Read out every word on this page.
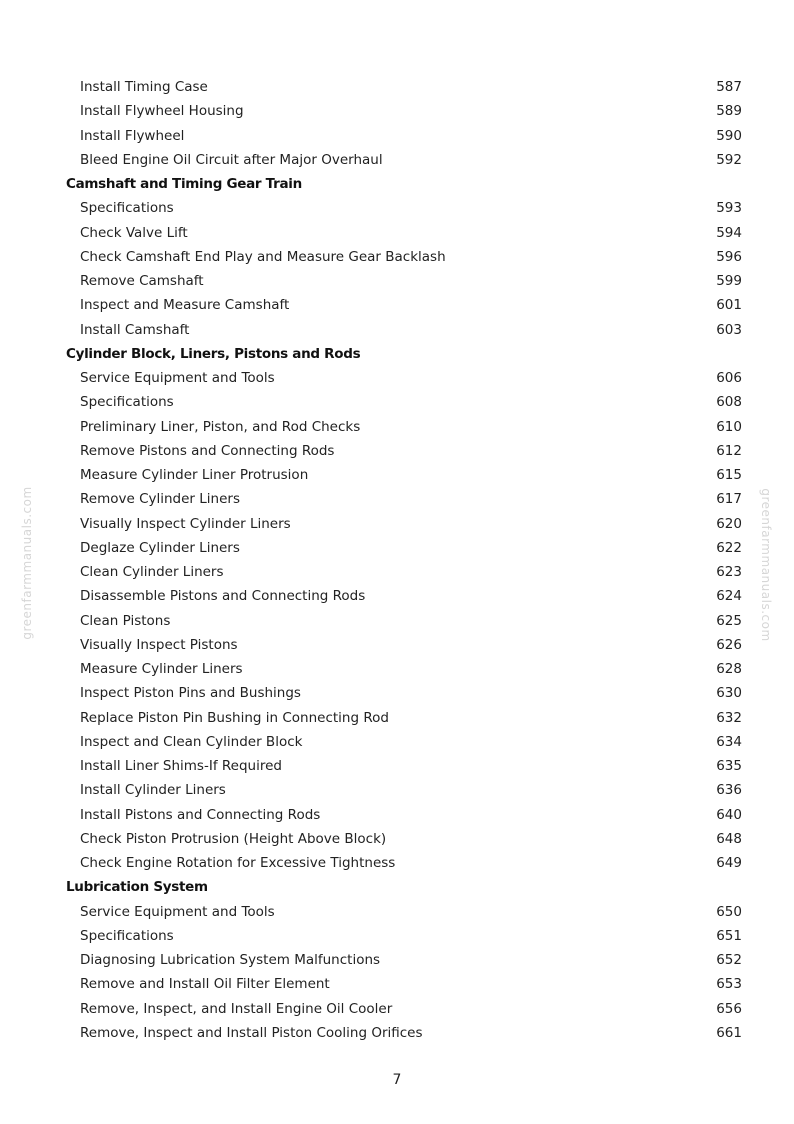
greenfarmmanuals.com	greenfarmmanuals.com
Install Timing Case	587
Install Flywheel Housing	589
Install Flywheel	590
Bleed Engine Oil Circuit after Major Overhaul	592
Camshaft and Timing Gear Train
Specifications	593
Check Valve Lift	594
Check Camshaft End Play and Measure Gear Backlash	596
Remove Camshaft	599
Inspect and Measure Camshaft	601
Install Camshaft	603
Cylinder Block, Liners, Pistons and Rods
Service Equipment and Tools	606
Specifications	608
Preliminary Liner, Piston, and Rod Checks	610
Remove Pistons and Connecting Rods	612
Measure Cylinder Liner Protrusion	615
Remove Cylinder Liners	617
Visually Inspect Cylinder Liners	620
Deglaze Cylinder Liners	622
Clean Cylinder Liners	623
Disassemble Pistons and Connecting Rods	624
Clean Pistons	625
Visually Inspect Pistons	626
Measure Cylinder Liners	628
Inspect Piston Pins and Bushings	630
Replace Piston Pin Bushing in Connecting Rod	632
Inspect and Clean Cylinder Block	634
Install Liner Shims-If Required	635
Install Cylinder Liners	636
Install Pistons and Connecting Rods	640
Check Piston Protrusion (Height Above Block)	648
Check Engine Rotation for Excessive Tightness	649
Lubrication System
Service Equipment and Tools	650
Specifications	651
Diagnosing Lubrication System Malfunctions	652
Remove and Install Oil Filter Element	653
Remove, Inspect, and Install Engine Oil Cooler	656
Remove, Inspect and Install Piston Cooling Orifices	661
7
